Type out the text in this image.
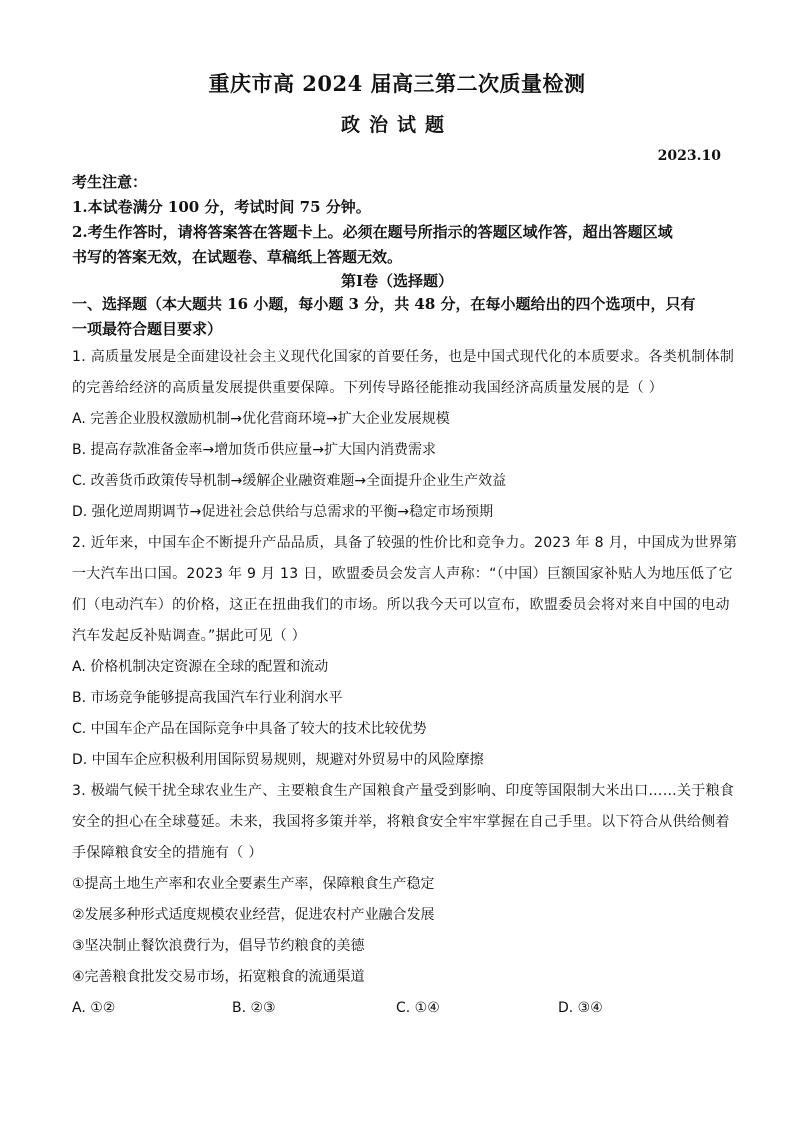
重庆市高 2024 届高三第二次质量检测
政治试题
2023.10
考生注意：
1.本试卷满分 100 分，考试时间 75 分钟。
2.考生作答时，请将答案答在答题卡上。必须在题号所指示的答题区域作答，超出答题区域
书写的答案无效，在试题卷、草稿纸上答题无效。
第Ⅰ卷（选择题）
一、选择题（本大题共 16 小题，每小题 3 分，共 48 分，在每小题给出的四个选项中，只有
一项最符合题目要求）
1. 高质量发展是全面建设社会主义现代化国家的首要任务，也是中国式现代化的本质要求。各类机制体制
的完善给经济的高质量发展提供重要保障。下列传导路径能推动我国经济高质量发展的是（ ）
A. 完善企业股权激励机制→优化营商环境→扩大企业发展规模
B. 提高存款准备金率→增加货币供应量→扩大国内消费需求
C. 改善货币政策传导机制→缓解企业融资难题→全面提升企业生产效益
D. 强化逆周期调节→促进社会总供给与总需求的平衡→稳定市场预期
2. 近年来，中国车企不断提升产品品质，具备了较强的性价比和竞争力。2023 年 8 月，中国成为世界第
一大汽车出口国。2023 年 9 月 13 日，欧盟委员会发言人声称：“（中国）巨额国家补贴人为地压低了它
们（电动汽车）的价格，这正在扭曲我们的市场。所以我今天可以宣布，欧盟委员会将对来自中国的电动
汽车发起反补贴调查。”据此可见（ ）
A. 价格机制决定资源在全球的配置和流动
B. 市场竞争能够提高我国汽车行业利润水平
C. 中国车企产品在国际竞争中具备了较大的技术比较优势
D. 中国车企应积极利用国际贸易规则，规避对外贸易中的风险摩擦
3. 极端气候干扰全球农业生产、主要粮食生产国粮食产量受到影响、印度等国限制大米出口……关于粮食
安全的担心在全球蔓延。未来，我国将多策并举，将粮食安全牢牢掌握在自己手里。以下符合从供给侧着
手保障粮食安全的措施有（ ）
①提高土地生产率和农业全要素生产率，保障粮食生产稳定
②发展多种形式适度规模农业经营，促进农村产业融合发展
③坚决制止餐饮浪费行为，倡导节约粮食的美德
④完善粮食批发交易市场，拓宽粮食的流通渠道
A. ①②	B. ②③	C. ①④	D. ③④
